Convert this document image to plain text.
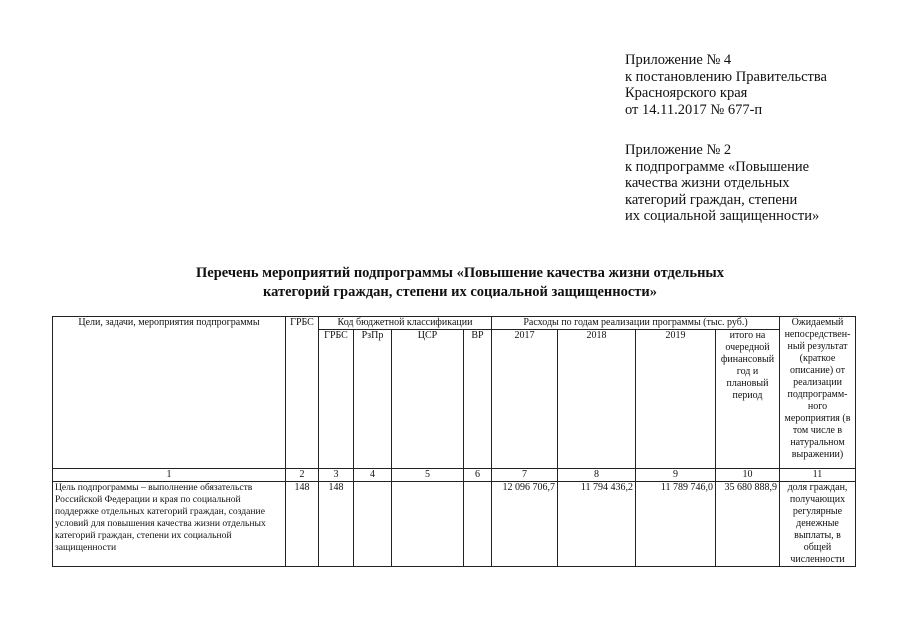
Приложение № 4
к постановлению Правительства
Красноярского края
от 14.11.2017 № 677-п
Приложение № 2
к подпрограмме «Повышение
качества жизни отдельных
категорий граждан, степени
их социальной защищенности»
Перечень мероприятий подпрограммы «Повышение качества жизни отдельных
категорий граждан, степени их социальной защищенности»
Цели, задачи, мероприятия подпрограммы	ГРБС	Код бюджетной классификации				Расходы по годам реализации программы (тыс. руб.)				Ожидаемый непосредствен-ный результат (краткое описание) от реализации подпрограмм-ного мероприятия (в том числе в натуральном выражении)
		ГРБС	РзПр	ЦСР	ВР	2017	2018	2019	итого на очередной финансовый год и плановый период	
1	2	3	4	5	6	7	8	9	10	11
Цель подпрограммы – выполнение обязательств Российской Федерации и края по социальной поддержке отдельных категорий граждан, создание условий для повышения качества жизни отдельных категорий граждан, степени их социальной защищенности	148	148				12 096 706,7	11 794 436,2	11 789 746,0	35 680 888,9	доля граждан, получающих регулярные денежные выплаты, в общей численности
